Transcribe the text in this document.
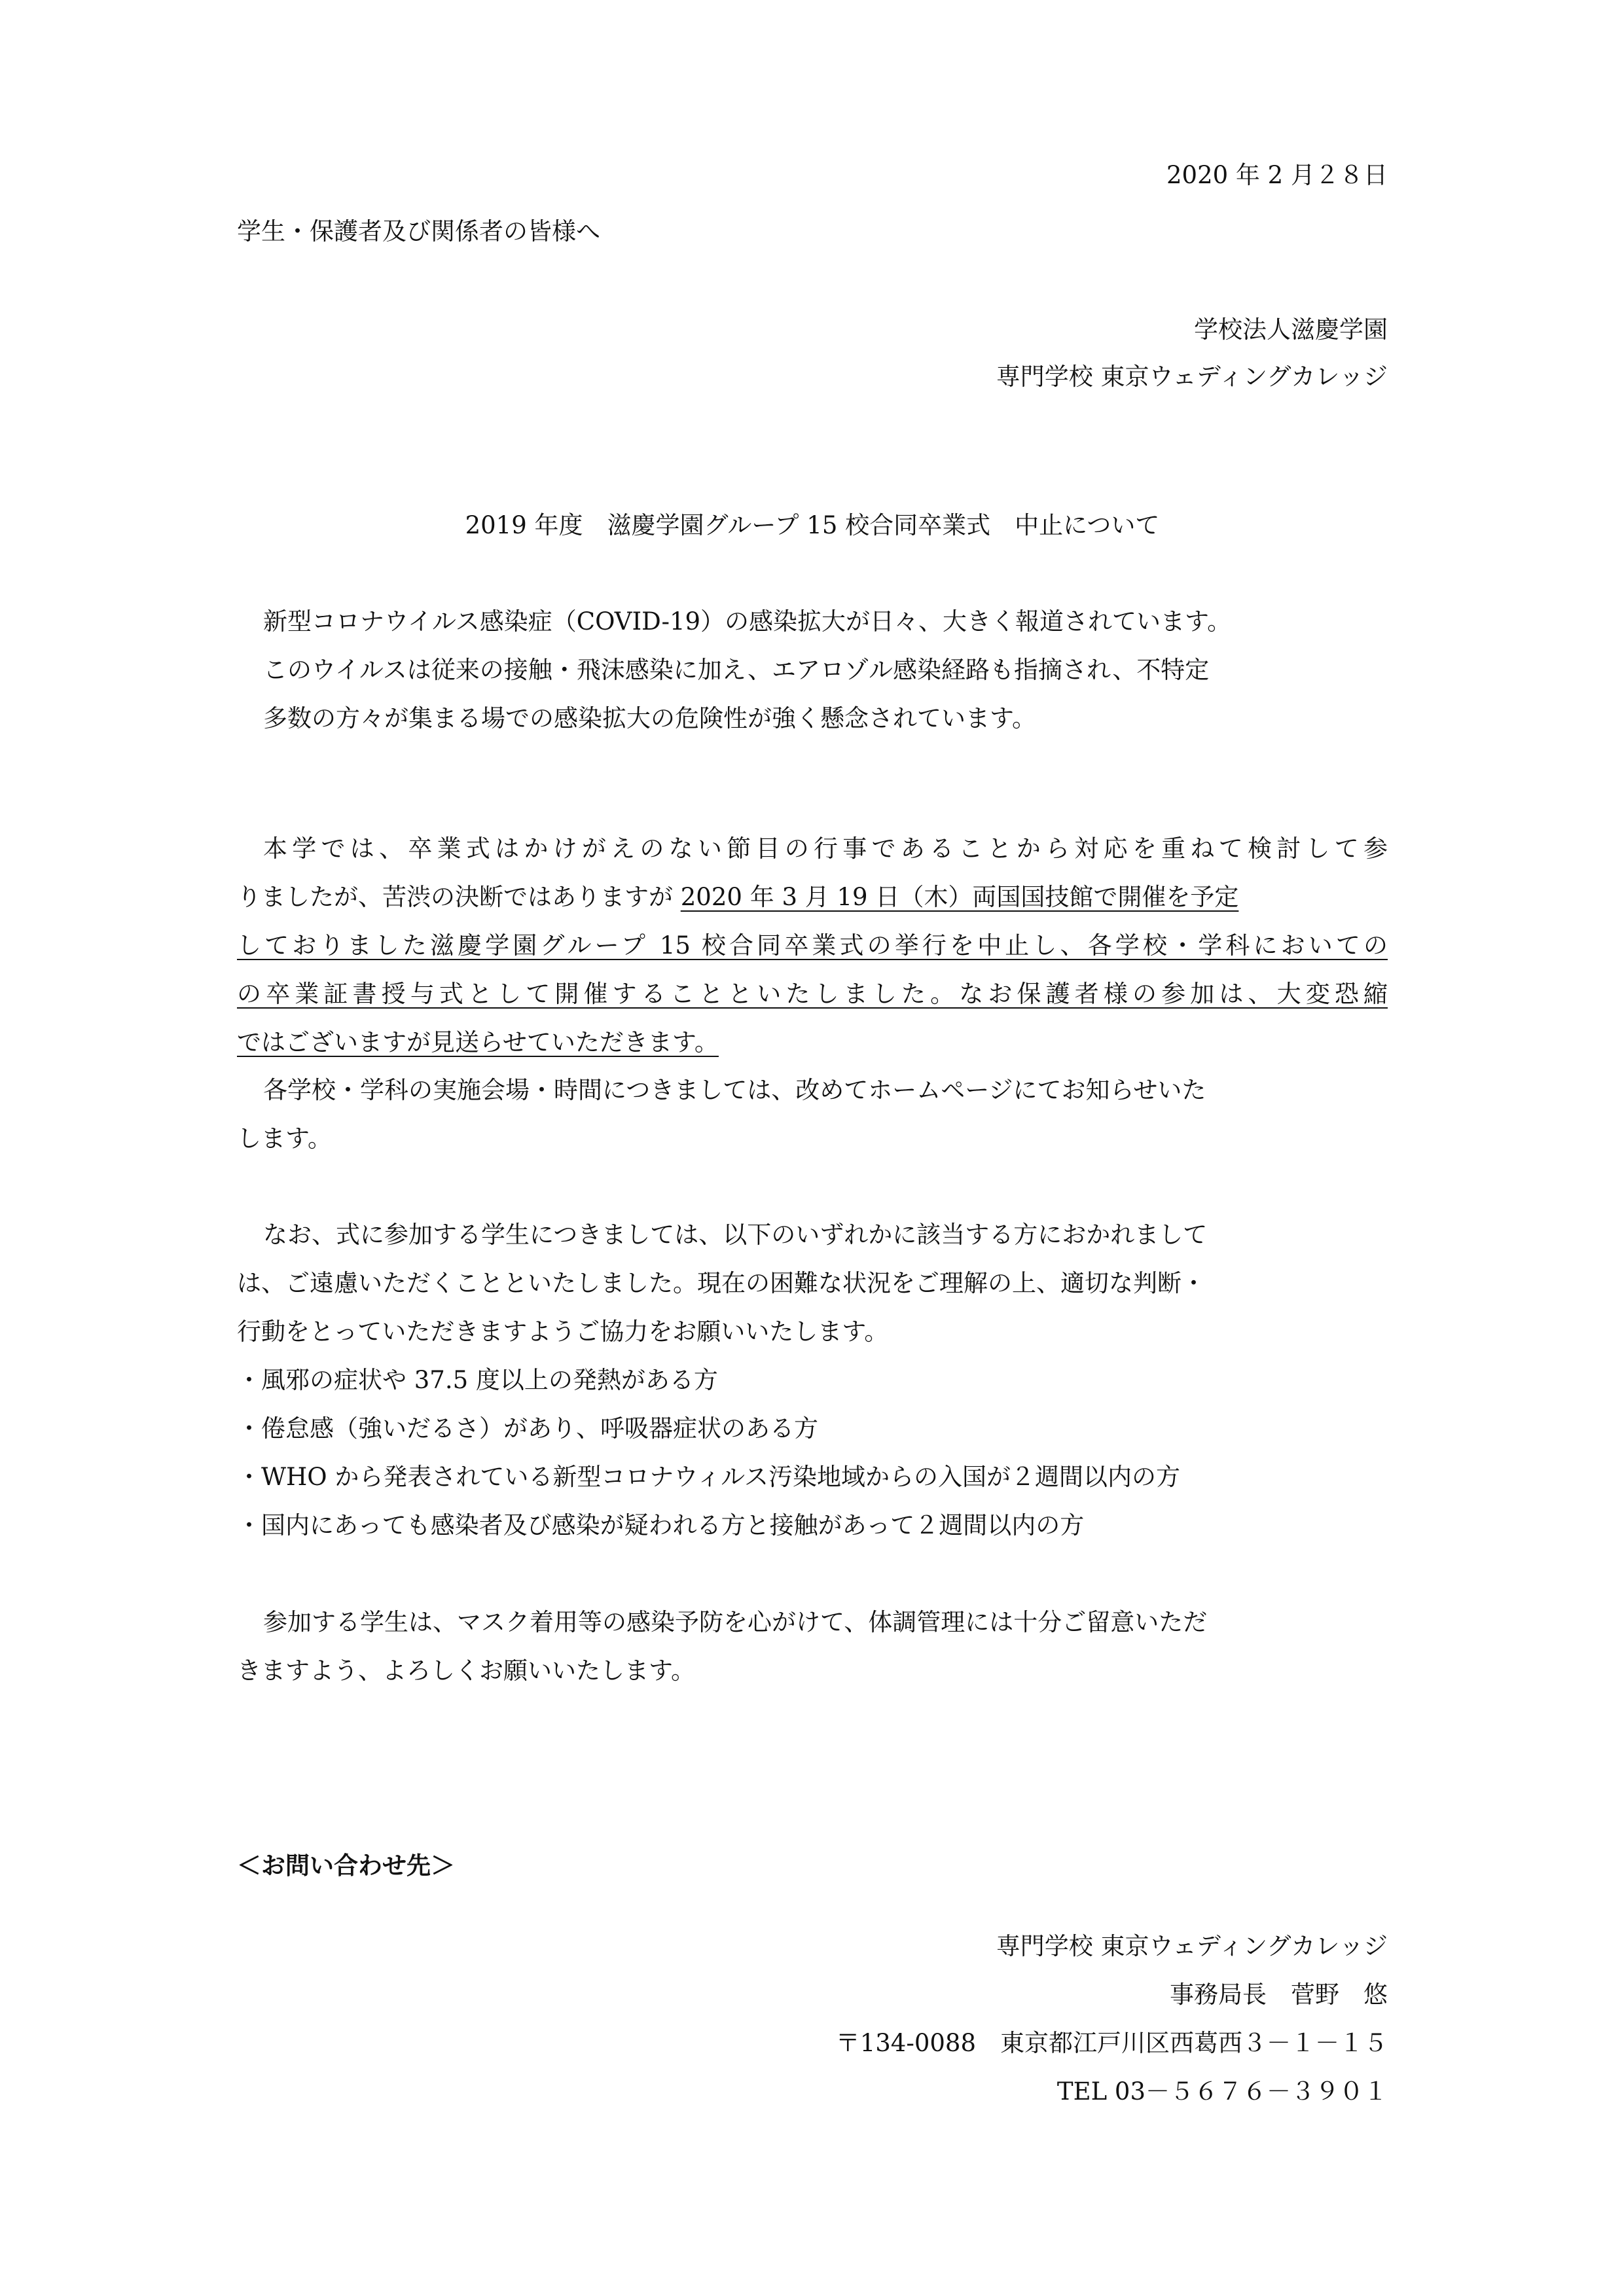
2020 年 2 月２８日
学生・保護者及び関係者の皆様へ
学校法人滋慶学園
専門学校 東京ウェディングカレッジ
2019 年度　滋慶学園グループ 15 校合同卒業式　中止について
新型コロナウイルス感染症（COVID-19）の感染拡大が日々、大きく報道されています。
このウイルスは従来の接触・飛沫感染に加え、エアロゾル感染経路も指摘され、不特定
多数の方々が集まる場での感染拡大の危険性が強く懸念されています。
本学では、卒業式はかけがえのない節目の行事であることから対応を重ねて検討して参
りましたが、苦渋の決断ではありますが 2020 年 3 月 19 日（木）両国国技館で開催を予定
しておりました滋慶学園グループ 15 校合同卒業式の挙行を中止し、各学校・学科においての
の卒業証書授与式として開催することといたしました。なお保護者様の参加は、大変恐縮
ではございますが見送らせていただきます。
各学校・学科の実施会場・時間につきましては、改めてホームページにてお知らせいた
します。
なお、式に参加する学生につきましては、以下のいずれかに該当する方におかれまして
は、ご遠慮いただくことといたしました。現在の困難な状況をご理解の上、適切な判断・
行動をとっていただきますようご協力をお願いいたします。
・風邪の症状や 37.5 度以上の発熱がある方
・倦怠感（強いだるさ）があり、呼吸器症状のある方
・WHO から発表されている新型コロナウィルス汚染地域からの入国が２週間以内の方
・国内にあっても感染者及び感染が疑われる方と接触があって２週間以内の方
参加する学生は、マスク着用等の感染予防を心がけて、体調管理には十分ご留意いただ
きますよう、よろしくお願いいたします。
＜お問い合わせ先＞
専門学校 東京ウェディングカレッジ
事務局長　菅野　悠
〒134-0088　東京都江戸川区西葛西３－１－１５
TEL 03－５６７６－３９０１
